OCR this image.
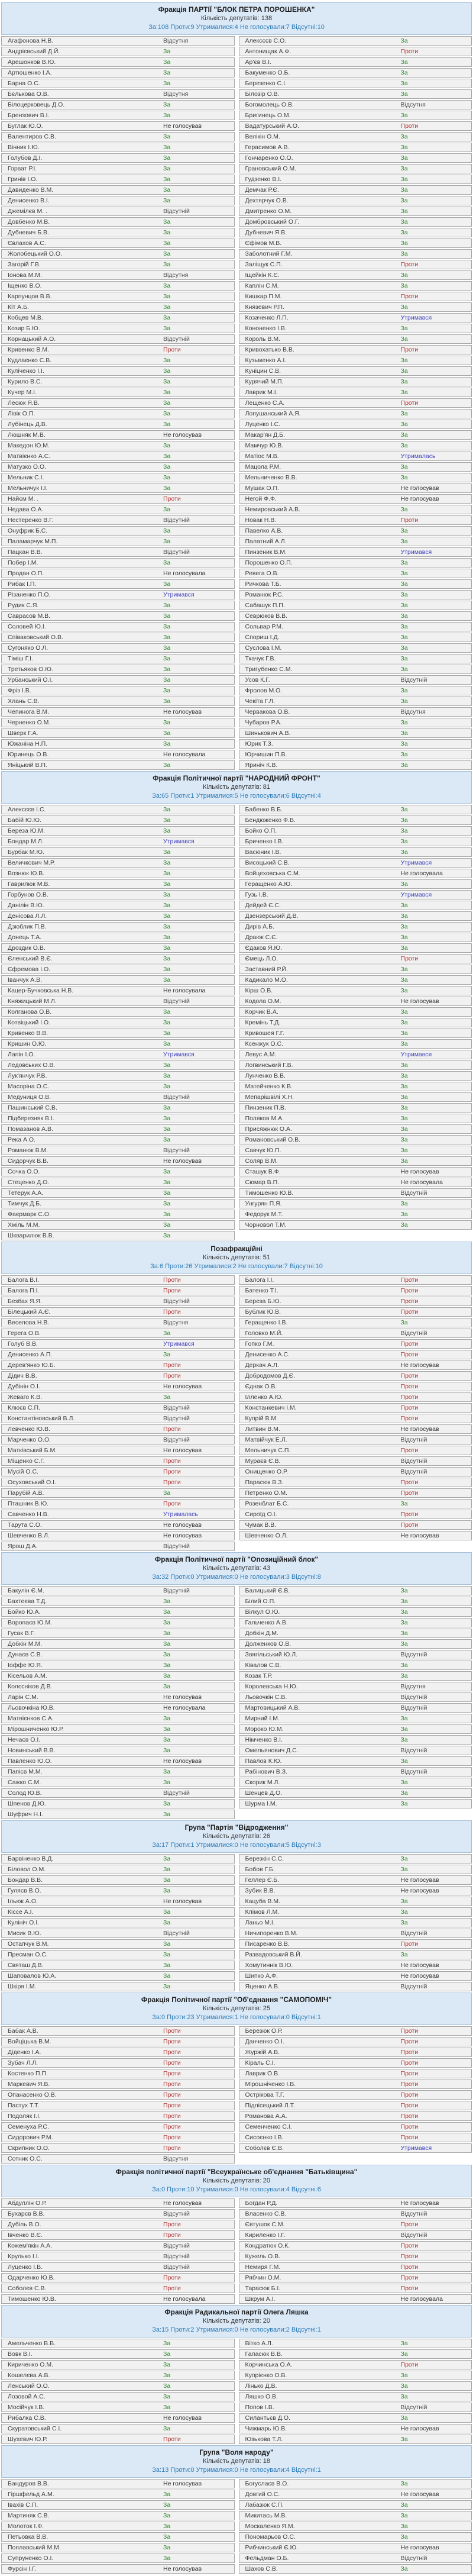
Фракція ПАРТІЇ "БЛОК ПЕТРА ПОРОШЕНКА"
Кількість депутатів: 138
За:108 Проти:9 Утрималися:4 Не голосували:7 Відсутні:10
Агафонова Н.В.	Відсутня	Алексєєв С.О.	За
Андрієвський Д.Й.	За	Антонищак А.Ф.	Проти
Арешонков В.Ю.	За	Ар'єв В.І.	За
Артюшенко І.А.	За	Бакуменко О.Б.	За
Барна О.С.	За	Березенко С.І.	За
Бєлькова О.В.	Відсутня	Білозір О.В.	За
Білоцерковець Д.О.	За	Богомолець О.В.	Відсутня
Брензович В.І.	За	Бригинець О.М.	За
Буглак Ю.О.	Не голосував	Вадатурський А.О.	Проти
Валентиров С.В.	За	Велікін О.М.	За
Вінник І.Ю.	За	Герасимов А.В.	За
Голубов Д.І.	За	Гончаренко О.О.	За
Горват Р.І.	За	Грановський О.М.	За
Гринів І.О.	За	Гудзенко В.І.	За
Давиденко В.М.	За	Демчак Р.Є.	За
Денисенко В.І.	За	Дехтярчук О.В.	За
Джемілєв М. .	Відсутній	Дмитренко О.М.	За
Довбенко М.В.	За	Домбровський О.Г.	За
Дубневич Б.В.	За	Дубневич Я.В.	За
Євлахов А.С.	За	Єфімов М.В.	За
Жолобецький О.О.	За	Заболотний Г.М.	За
Загорій Г.В.	За	Заліщук С.П.	Проти
Іонова М.М.	Відсутня	Іщейкін К.Є.	За
Іщенко В.О.	За	Каплін С.М.	За
Карпунцов В.В.	За	Кишкар П.М.	Проти
Кіт А.Б.	За	Князевич Р.П.	За
Кобцев М.В.	За	Козаченко Л.П.	Утримався
Козир Б.Ю.	За	Кононенко І.В.	За
Корнацький А.О.	Відсутній	Король В.М.	За
Кривенко В.М.	Проти	Кривохатько В.В.	Проти
Кудлаєнко С.В.	За	Кузьменко А.І.	За
Куліченко І.І.	За	Куніцин С.В.	За
Курило В.С.	За	Курячий М.П.	За
Кучер М.І.	За	Лаврик М.І.	За
Лесюк Я.В.	За	Лещенко С.А.	Проти
Лівік О.П.	За	Лопушанський А.Я.	За
Лубінець Д.В.	За	Луценко І.С.	За
Люшняк М.В.	Не голосував	Макар'ян Д.Б.	За
Македон Ю.М.	За	Мамчур Ю.В.	За
Матвієнко А.С.	За	Матіос М.В.	Утрималась
Матузко О.О.	За	Мацола Р.М.	За
Мельник С.І.	За	Мельниченко В.В.	За
Мельничук І.І.	За	Мушак О.П.	Не голосував
Найєм М. .	Проти	Негой Ф.Ф.	Не голосував
Недава О.А.	За	Немировський А.В.	За
Нестеренко В.Г.	Відсутній	Новак Н.В.	Проти
Онуфрик Б.С.	За	Павелко А.В.	За
Паламарчук М.П.	За	Палатний А.Л.	За
Пацкан В.В.	Відсутній	Пинзеник В.М.	Утримався
Побер І.М.	За	Порошенко О.П.	За
Продан О.П.	Не голосувала	Ревега О.В.	За
Рибак І.П.	За	Ричкова Т.Б.	За
Різаненко П.О.	Утримався	Романюк Р.С.	За
Рудик С.Я.	За	Сабашук П.П.	За
Саврасов М.В.	За	Севрюков В.В.	За
Соловей Ю.І.	За	Сольвар Р.М.	За
Співаковський О.В.	За	Спориш І.Д.	За
Сугоняко О.Л.	За	Суслова І.М.	За
Тіміш Г.І.	За	Ткачук Г.В.	За
Третьяков О.Ю.	За	Тригубенко С.М.	За
Урбанський О.І.	За	Усов К.Г.	Відсутній
Фріз І.В.	За	Фролов М.О.	За
Хлань С.В.	За	Чекіта Г.Л.	За
Чепинога В.М.	Не голосував	Червакова О.В.	Відсутня
Черненко О.М.	За	Чубаров Р.А.	За
Шверк Г.А.	За	Шинькович А.В.	За
Южаніна Н.П.	За	Юрик Т.З.	За
Юринець О.В.	Не голосувала	Юрчишин П.В.	За
Яніцький В.П.	За	Яриніч К.В.	За
Фракція Політичної партії "НАРОДНИЙ ФРОНТ"
Кількість депутатів: 81
За:65 Проти:1 Утрималися:5 Не голосували:6 Відсутні:4
Алексєєв І.С.	За	Бабенко В.Б.	За
Бабій Ю.Ю.	За	Бендюженко Ф.В.	За
Береза Ю.М.	За	Бойко О.П.	За
Бондар М.Л.	Утримався	Бриченко І.В.	За
Бурбак М.Ю.	За	Васюник І.В.	За
Величкович М.Р.	За	Висоцький С.В.	Утримався
Вознюк Ю.В.	За	Войцеховська С.М.	Не голосувала
Гаврилюк М.В.	За	Геращенко А.Ю.	За
Горбунов О.В.	За	Гузь І.В.	Утримався
Данілін В.Ю.	За	Дейдей Є.С.	За
Денісова Л.Л.	За	Дзензерський Д.В.	За
Дзюблик П.В.	За	Дирів А.Б.	За
Донець Т.А.	За	Драюк С.Є.	За
Дроздик О.В.	За	Єдаков Я.Ю.	За
Єленський В.Є.	За	Ємець Л.О.	Проти
Єфремова І.О.	За	Заставний Р.Й.	За
Іванчук А.В.	За	Кадикало М.О.	За
Кацер-Бучковська Н.В.	Не голосувала	Кірш О.В.	За
Княжицький М.Л.	Відсутній	Кодола О.М.	Не голосував
Колганова О.В.	За	Корчик В.А.	За
Котвіцький І.О.	За	Кремінь Т.Д.	За
Кривенко В.В.	За	Кривошея Г.Г.	За
Кришин О.Ю.	За	Ксенжук О.С.	За
Лапін І.О.	Утримався	Левус А.М.	Утримався
Ледовських О.В.	За	Логвинський Г.В.	За
Лук'янчук Р.В.	За	Лунченко В.В.	За
Масоріна О.С.	За	Матейченко К.В.	За
Медуниця О.В.	Відсутній	Мепарішвілі Х.Н.	За
Пашинський С.В.	За	Пинзеник П.В.	За
Підберезняк В.І.	За	Поляков М.А.	За
Помазанов А.В.	За	Присяжнюк О.А.	За
Река А.О.	За	Романовський О.В.	За
Романюк В.М.	Відсутній	Савчук Ю.П.	За
Сидорчук В.В.	Не голосував	Соляр В.М.	За
Сочка О.О.	За	Сташук В.Ф.	Не голосував
Стеценко Д.О.	За	Сюмар В.П.	Не голосувала
Тетерук А.А.	За	Тимошенко Ю.В.	Відсутній
Тимчук Д.Б.	За	Унгурян П.Я.	За
Фаєрмарк С.О.	За	Федорук М.Т.	За
Хміль М.М.	За	Чорновол Т.М.	За
Шкварилюк В.В.	За
Позафракційні
Кількість депутатів: 51
За:6 Проти:26 Утрималися:2 Не голосували:7 Відсутні:10
Балога В.І.	Проти	Балога І.І.	Проти
Балога П.І.	Проти	Батенко Т.І.	Проти
Безбах Я.Я.	Відсутній	Береза Б.Ю.	Проти
Білецький А.Є.	Проти	Бублик Ю.В.	Проти
Веселова Н.В.	Відсутня	Геращенко І.В.	За
Герега О.В.	За	Головко М.Й.	Відсутній
Голуб В.В.	Утримався	Гопко Г.М.	Проти
Денисенко А.П.	За	Денисенко А.С.	Проти
Дерев'янко Ю.Б.	Проти	Деркач А.Л.	Не голосував
Дідич В.В.	Проти	Добродомов Д.Є.	Проти
Дубінін О.І.	Не голосував	Єднак О.В.	Проти
Жеваго К.В.	За	Ілленко А.Ю.	Проти
Клюєв С.П.	Відсутній	Констанкевич І.М.	Проти
Константіновський В.Л.	Відсутній	Купрій В.М.	Проти
Левченко Ю.В.	Проти	Литвин В.М.	Не голосував
Марченко О.О.	Відсутній	Матвійчук Е.Л.	Відсутній
Матківський Б.М.	Не голосував	Мельничук С.П.	Проти
Міщенко С.Г.	Проти	Мураєв Є.В.	Відсутній
Мусій О.С.	Проти	Онищенко О.Р.	Відсутній
Осуховський О.І.	Проти	Парасюк В.З.	Проти
Парубій А.В.	За	Петренко О.М.	Проти
Пташник В.Ю.	Проти	Розенблат Б.С.	За
Савченко Н.В.	Утрималась	Сироїд О.І.	Проти
Тарута С.О.	Не голосував	Чумак В.В.	Проти
Шевченко В.Л.	Не голосував	Шевченко О.Л.	Не голосував
Ярош Д.А.	Відсутній
Фракція Політичної партії "Опозиційний блок"
Кількість депутатів: 43
За:32 Проти:0 Утрималися:0 Не голосували:3 Відсутні:8
Бакулін Є.М.	Відсутній	Балицький Є.В.	За
Бахтеєва Т.Д.	За	Білий О.П.	За
Бойко Ю.А.	За	Вілкул О.Ю.	За
Воропаєв Ю.М.	За	Гальченко А.В.	За
Гусак В.Г.	За	Добкін Д.М.	За
Добкін М.М.	За	Долженков О.В.	За
Дунаєв С.В.	За	Звягільський Ю.Л.	Відсутній
Іоффе Ю.Я.	За	Ківалов С.В.	За
Кісельов А.М.	За	Козак Т.Р.	За
Колєсніков Д.В.	За	Королевська Н.Ю.	Відсутня
Ларін С.М.	Не голосував	Льовочкін С.В.	Відсутній
Льовочкіна Ю.В.	Не голосувала	Мартовицький А.В.	Відсутній
Матвієнков С.А.	За	Мирний І.М.	За
Мірошниченко Ю.Р.	За	Мороко Ю.М.	За
Нечаєв О.І.	За	Німченко В.І.	За
Новинський В.В.	За	Омельянович Д.С.	Відсутній
Павленко Ю.О.	Не голосував	Павлов К.Ю.	За
Папієв М.М.	За	Рабінович В.З.	Відсутній
Сажко С.М.	За	Скорик М.Л.	За
Солод Ю.В.	Відсутній	Шенцев Д.О.	За
Шпенов Д.Ю.	За	Шурма І.М.	За
Шуфрич Н.І.	За
Група "Партія "Відродження"
Кількість депутатів: 26
За:17 Проти:1 Утрималися:0 Не голосували:5 Відсутні:3
Барвіненко В.Д.	За	Березкін С.С.	За
Біловол О.М.	За	Бобов Г.Б.	За
Бондар В.В.	За	Геллер Є.Б.	Не голосував
Гуляєв В.О.	За	Зубик В.В.	Не голосував
Ільюк А.О.	Не голосував	Кацуба В.М.	За
Кіссе А.І.	За	Клімов Л.М.	За
Кулініч О.І.	За	Ланьо М.І.	За
Мисик В.Ю.	Відсутній	Ничипоренко В.М.	Відсутній
Остапчук В.М.	За	Писаренко В.В.	Проти
Пресман О.С.	За	Развадовський В.Й.	За
Святаш Д.В.	За	Хомутиннік В.Ю.	Не голосував
Шаповалов Ю.А.	За	Шипко А.Ф.	Не голосував
Шкіря І.М.	За	Яценко А.В.	Відсутній
Фракція Політичної партії "Об'єднання "САМОПОМІЧ"
Кількість депутатів: 25
За:0 Проти:23 Утрималися:1 Не голосували:0 Відсутні:1
Бабак А.В.	Проти	Березюк О.Р.	Проти
Войціцька В.М.	Проти	Данченко О.І.	Проти
Діденко І.А.	Проти	Журжій А.В.	Проти
Зубач Л.Л.	Проти	Кіраль С.І.	Проти
Костенко П.П.	Проти	Лаврик О.В.	Проти
Маркевич Я.В.	Проти	Мірошніченко І.В.	Проти
Опанасенко О.В.	Проти	Острікова Т.Г.	Проти
Пастух Т.Т.	Проти	Підлісецький Л.Т.	Проти
Подоляк І.І.	Проти	Романова А.А.	Проти
Семенуха Р.С.	Проти	Семенченко С.І.	Проти
Сидорович Р.М.	Проти	Сисоєнко І.В.	Проти
Скрипник О.О.	Проти	Соболєв Є.В.	Утримався
Сотник О.С.	Відсутня
Фракція політичної партії "Всеукраїнське об'єднання "Батьківщина"
Кількість депутатів: 20
За:0 Проти:10 Утрималися:0 Не голосували:4 Відсутні:6
Абдуллін О.Р.	Не голосував	Богдан Р.Д.	Не голосував
Бухарєв В.В.	Відсутній	Власенко С.В.	Відсутній
Дубіль В.О.	Проти	Євтушок С.М.	Проти
Івченко В.Є.	Проти	Кириленко І.Г.	Відсутній
Кожем'якін А.А.	Відсутній	Кондратюк О.К.	Проти
Крулько І.І.	Відсутній	Кужель О.В.	Проти
Луценко І.В.	Відсутній	Немиря Г.М.	Проти
Одарченко Ю.В.	Проти	Рябчин О.М.	Проти
Соболєв С.В.	Проти	Тарасюк Б.І.	Проти
Тимошенко Ю.В.	Не голосувала	Шкрум А.І.	Не голосувала
Фракція Радикальної партії Олега Ляшка
Кількість депутатів: 20
За:15 Проти:2 Утрималися:0 Не голосували:2 Відсутні:1
Амельченко В.В.	За	Вітко А.Л.	За
Вовк В.І.	За	Галасюк В.В.	За
Кириченко О.М.	За	Корчинська О.А.	Проти
Кошелєва А.В.	За	Купрієнко О.В.	За
Ленський О.О.	За	Лінько Д.В.	За
Лозовой А.С.	За	Ляшко О.В.	За
Мосійчук І.В.	За	Попов І.В.	Відсутній
Рибалка С.В.	Не голосував	Силантьєв Д.О.	За
Скуратовський С.І.	За	Чижмарь Ю.В.	Не голосував
Шухевич Ю.Р.	Проти	Юзькова Т.Л.	За
Група "Воля народу"
Кількість депутатів: 18
За:13 Проти:0 Утрималися:0 Не голосували:4 Відсутні:1
Бандуров В.В.	Не голосував	Богуслаєв В.О.	За
Гіршфельд А.М.	За	Довгий О.С.	Не голосував
Івахів С.П.	За	Лабазюк С.П.	За
Мартиняк С.В.	За	Микитась М.В.	За
Молоток І.Ф.	За	Москаленко Я.М.	За
Петьовка В.В.	За	Пономарьов О.С.	За
Поплавський М.М.	За	Рибчинський Є.Ю.	Не голосував
Супруненко О.І.	За	Фельдман О.Б.	Відсутній
Фурсін І.Г.	Не голосував	Шахов С.В.	За
